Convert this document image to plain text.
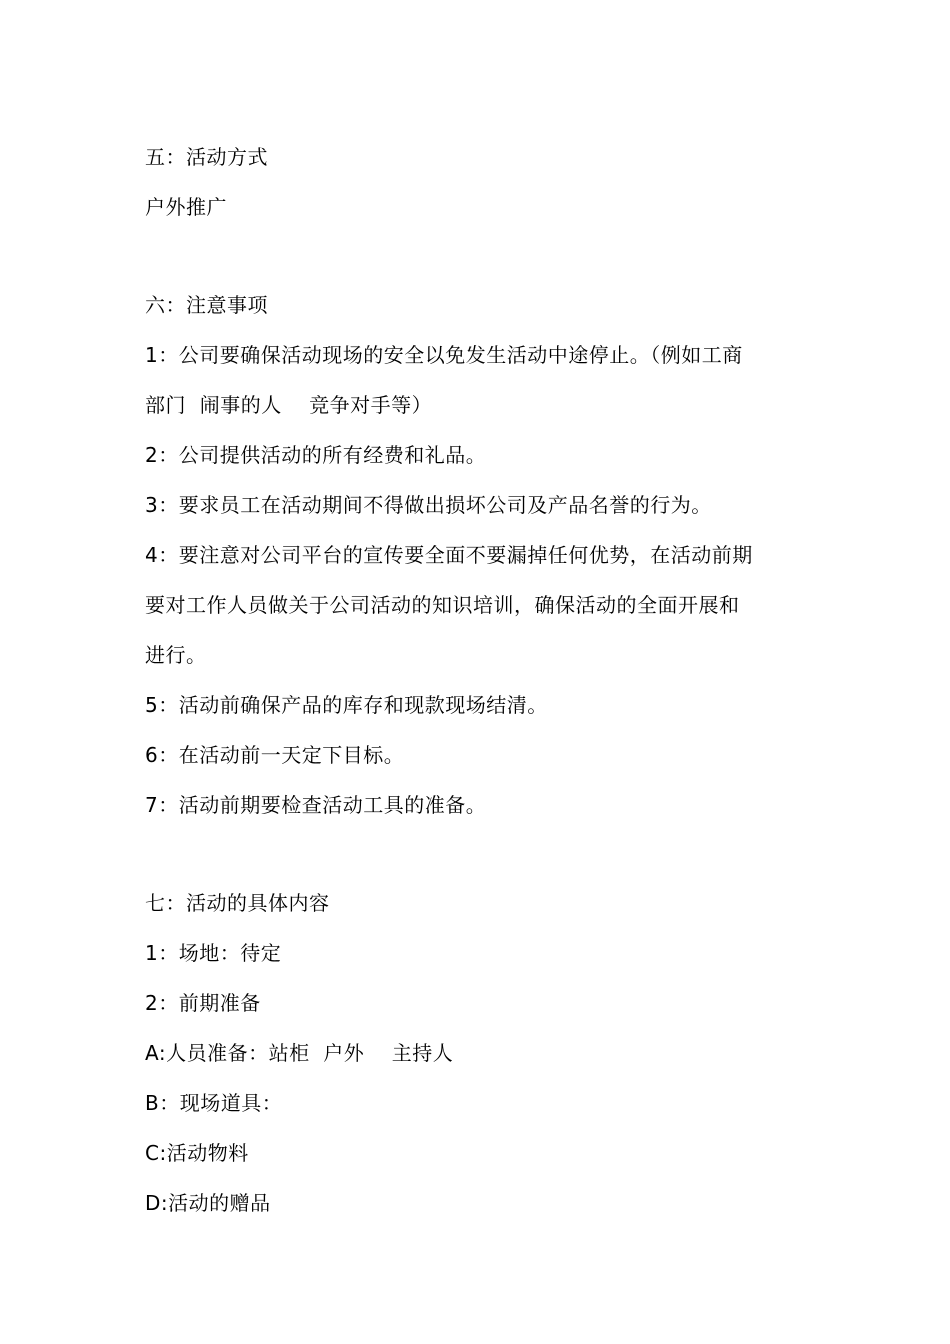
五：活动方式

户外推广

六：注意事项

1：公司要确保活动现场的安全以免发生活动中途停止。（例如工商

部门  闹事的人    竞争对手等）

2：公司提供活动的所有经费和礼品。

3：要求员工在活动期间不得做出损坏公司及产品名誉的行为。

4：要注意对公司平台的宣传要全面不要漏掉任何优势，在活动前期

要对工作人员做关于公司活动的知识培训，确保活动的全面开展和

进行。

5：活动前确保产品的库存和现款现场结清。

6：在活动前一天定下目标。

7：活动前期要检查活动工具的准备。

七：活动的具体内容

1：场地：待定

2：前期准备

A:人员准备：站柜  户外    主持人

B：现场道具：

C:活动物料

D:活动的赠品
